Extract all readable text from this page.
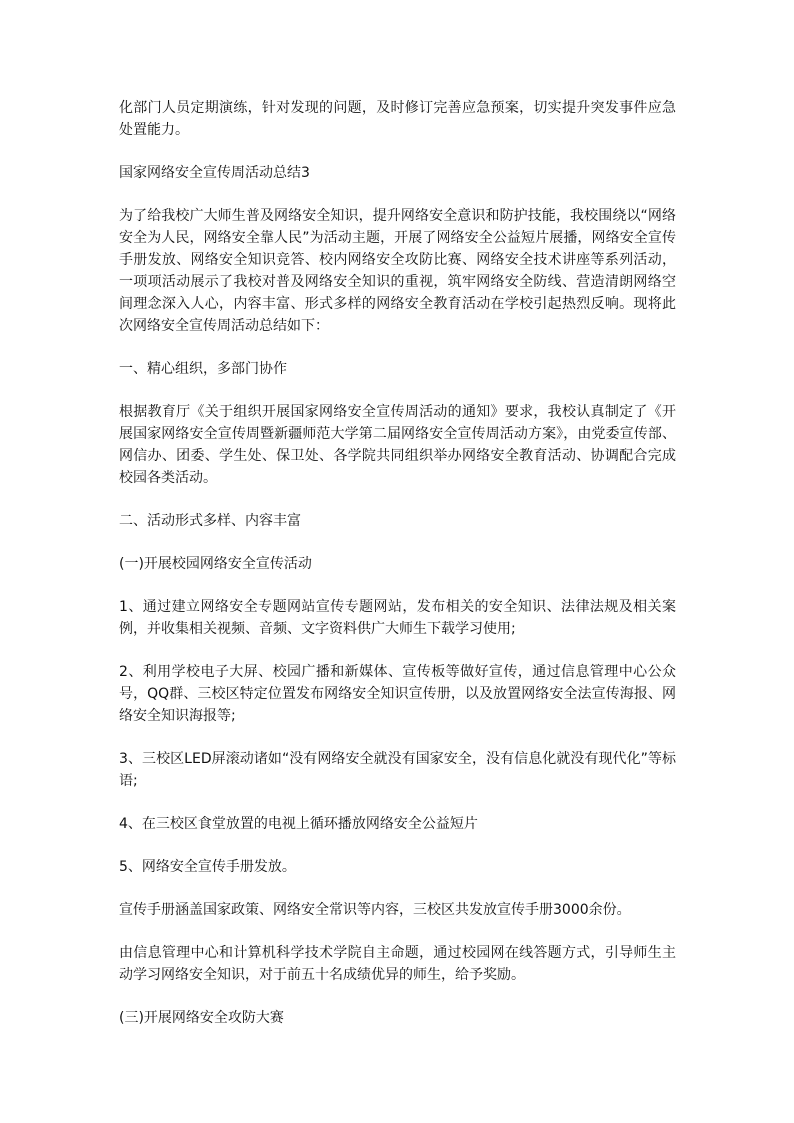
化部门人员定期演练，针对发现的问题，及时修订完善应急预案，切实提升突发事件应急处置能力。

国家网络安全宣传周活动总结3

为了给我校广大师生普及网络安全知识，提升网络安全意识和防护技能，我校围绕以“网络安全为人民，网络安全靠人民”为活动主题，开展了网络安全公益短片展播，网络安全宣传手册发放、网络安全知识竞答、校内网络安全攻防比赛、网络安全技术讲座等系列活动，一项项活动展示了我校对普及网络安全知识的重视，筑牢网络安全防线、营造清朗网络空间理念深入人心，内容丰富、形式多样的网络安全教育活动在学校引起热烈反响。现将此次网络安全宣传周活动总结如下：

一、精心组织，多部门协作

根据教育厅《关于组织开展国家网络安全宣传周活动的通知》要求，我校认真制定了《开展国家网络安全宣传周暨新疆师范大学第二届网络安全宣传周活动方案》，由党委宣传部、网信办、团委、学生处、保卫处、各学院共同组织举办网络安全教育活动、协调配合完成校园各类活动。

二、活动形式多样、内容丰富

(一)开展校园网络安全宣传活动

1、通过建立网络安全专题网站宣传专题网站，发布相关的安全知识、法律法规及相关案例，并收集相关视频、音频、文字资料供广大师生下载学习使用;

2、利用学校电子大屏、校园广播和新媒体、宣传板等做好宣传，通过信息管理中心公众号，QQ群、三校区特定位置发布网络安全知识宣传册，以及放置网络安全法宣传海报、网络安全知识海报等;

3、三校区LED屏滚动诸如“没有网络安全就没有国家安全，没有信息化就没有现代化”等标语;

4、在三校区食堂放置的电视上循环播放网络安全公益短片

5、网络安全宣传手册发放。

宣传手册涵盖国家政策、网络安全常识等内容，三校区共发放宣传手册3000余份。

由信息管理中心和计算机科学技术学院自主命题，通过校园网在线答题方式，引导师生主动学习网络安全知识，对于前五十名成绩优异的师生，给予奖励。

(三)开展网络安全攻防大赛
